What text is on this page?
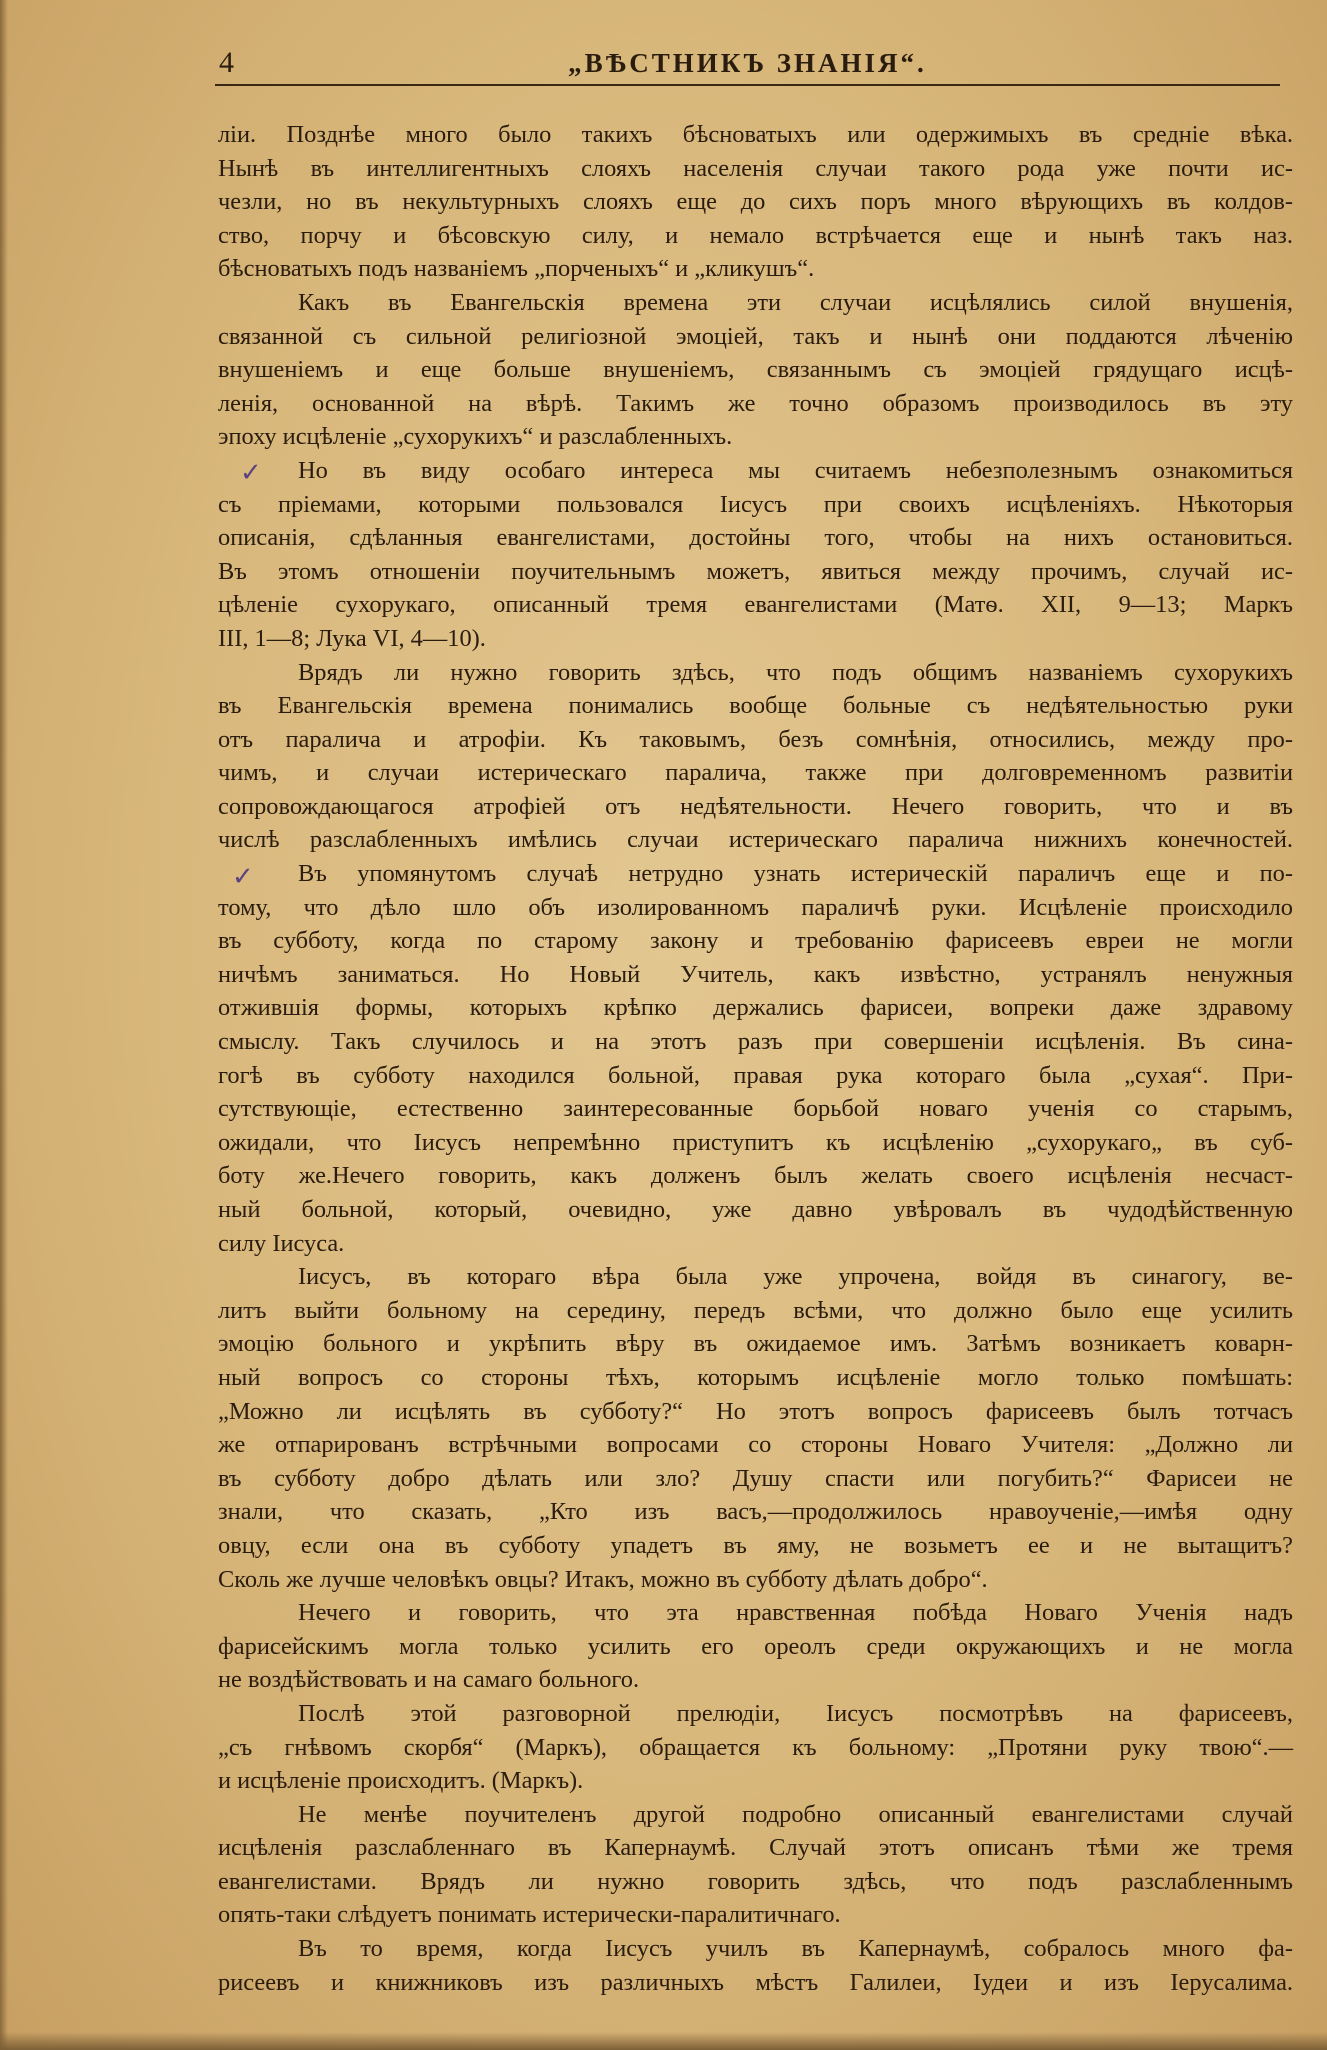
4	„ВѢСТНИКЪ ЗНАНІЯ“.
✓
✓
ліи. Позднѣе много было такихъ бѣсноватыхъ или одержимыхъ въ средніе вѣка.
Нынѣ въ интеллигентныхъ слояхъ населенія случаи такого рода уже почти ис-
чезли, но въ некультурныхъ слояхъ еще до сихъ поръ много вѣрующихъ въ колдов-
ство, порчу и бѣсовскую силу, и немало встрѣчается еще и нынѣ такъ наз.
бѣсноватыхъ подъ названіемъ „порченыхъ“ и „кликушъ“.
Какъ въ Евангельскія времена эти случаи исцѣлялись силой внушенія,
связанной съ сильной религіозной эмоціей, такъ и нынѣ они поддаются лѣченію
внушеніемъ и еще больше внушеніемъ, связаннымъ съ эмоціей грядущаго исцѣ-
ленія, основанной на вѣрѣ. Такимъ же точно образомъ производилось въ эту
эпоху исцѣленіе „сухорукихъ“ и разслабленныхъ.
Но въ виду особаго интереса мы считаемъ небезполезнымъ ознакомиться
съ пріемами, которыми пользовался Іисусъ при своихъ исцѣленіяхъ. Нѣкоторыя
описанія, сдѣланныя евангелистами, достойны того, чтобы на нихъ остановиться.
Въ этомъ отношеніи поучительнымъ можетъ, явиться между прочимъ, случай ис-
цѣленіе сухорукаго, описанный тремя евангелистами (Матѳ. XII, 9—13; Маркъ
III, 1—8; Лука VI, 4—10).
Врядъ ли нужно говорить здѣсь, что подъ общимъ названіемъ сухорукихъ
въ Евангельскія времена понимались вообще больные съ недѣятельностью руки
отъ паралича и атрофіи. Къ таковымъ, безъ сомнѣнія, относились, между про-
чимъ, и случаи истерическаго паралича, также при долговременномъ развитіи
сопровождающагося атрофіей отъ недѣятельности. Нечего говорить, что и въ
числѣ разслабленныхъ имѣлись случаи истерическаго паралича нижнихъ конечностей.
Въ упомянутомъ случаѣ нетрудно узнать истерическій параличъ еще и по-
тому, что дѣло шло объ изолированномъ параличѣ руки. Исцѣленіе происходило
въ субботу, когда по старому закону и требованію фарисеевъ евреи не могли
ничѣмъ заниматься. Но Новый Учитель, какъ извѣстно, устранялъ ненужныя
отжившія формы, которыхъ крѣпко держались фарисеи, вопреки даже здравому
смыслу. Такъ случилось и на этотъ разъ при совершеніи исцѣленія. Въ сина-
гогѣ въ субботу находился больной, правая рука котораго была „сухая“. При-
сутствующіе, естественно заинтересованные борьбой новаго ученія со старымъ,
ожидали, что Іисусъ непремѣнно приступитъ къ исцѣленію „сухорукаго„ въ суб-
боту же.Нечего говорить, какъ долженъ былъ желать своего исцѣленія несчаст-
ный больной, который, очевидно, уже давно увѣровалъ въ чудодѣйственную
силу Іисуса.
Іисусъ, въ котораго вѣра была уже упрочена, войдя въ синагогу, ве-
литъ выйти больному на середину, передъ всѣми, что должно было еще усилить
эмоцію больного и укрѣпить вѣру въ ожидаемое имъ. Затѣмъ возникаетъ коварн-
ный вопросъ со стороны тѣхъ, которымъ исцѣленіе могло только помѣшать:
„Можно ли исцѣлять въ субботу?“ Но этотъ вопросъ фарисеевъ былъ тотчасъ
же отпарированъ встрѣчными вопросами со стороны Новаго Учителя: „Должно ли
въ субботу добро дѣлать или зло? Душу спасти или погубить?“ Фарисеи не
знали, что сказать, „Кто изъ васъ,—продолжилось нравоученіе,—имѣя одну
овцу, если она въ субботу упадетъ въ яму, не возьметъ ее и не вытащитъ?
Сколь же лучше человѣкъ овцы? Итакъ, можно въ субботу дѣлать добро“.
Нечего и говорить, что эта нравственная побѣда Новаго Ученія надъ
фарисейскимъ могла только усилить его ореолъ среди окружающихъ и не могла
не воздѣйствовать и на самаго больного.
Послѣ этой разговорной прелюдіи, Іисусъ посмотрѣвъ на фарисеевъ,
„съ гнѣвомъ скорбя“ (Маркъ), обращается къ больному: „Протяни руку твою“.—
и исцѣленіе происходитъ. (Маркъ).
Не менѣе поучителенъ другой подробно описанный евангелистами случай
исцѣленія разслабленнаго въ Капернаумѣ. Случай этотъ описанъ тѣми же тремя
евангелистами. Врядъ ли нужно говорить здѣсь, что подъ разслабленнымъ
опять-таки слѣдуетъ понимать истерически-паралитичнаго.
Въ то время, когда Іисусъ училъ въ Капернаумѣ, собралось много фа-
рисеевъ и книжниковъ изъ различныхъ мѣстъ Галилеи, Іудеи и изъ Іерусалима.
